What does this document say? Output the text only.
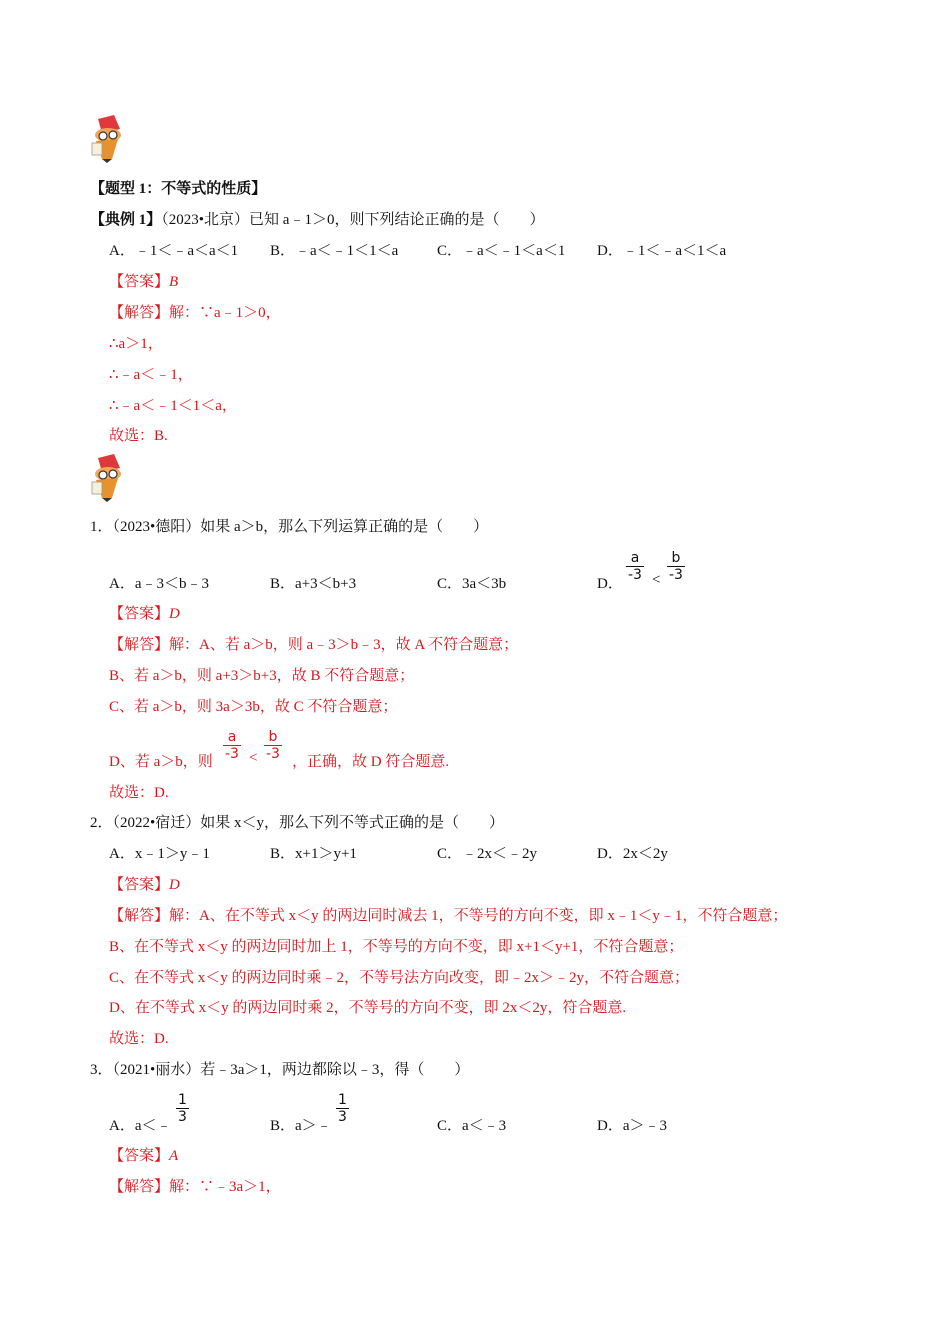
【题型 1：不等式的性质】
【典例 1】（2023•北京）已知 a﹣1＞0，则下列结论正确的是（　　）
A．﹣1＜﹣a＜a＜1 B．﹣a＜﹣1＜1＜a	C．﹣a＜﹣1＜a＜1 D．﹣1＜﹣a＜1＜a
【答案】B
【解答】解：∵a﹣1＞0，
∴a＞1，
∴﹣a＜﹣1，
∴﹣a＜﹣1＜1＜a，
故选：B.
1．（2023•德阳）如果 a＞b，那么下列运算正确的是（　　）
A．a﹣3＜b﹣3	B．a+3＜b+3	C．3a＜3b	D．
$\frac{a}{-3} < \frac{b}{-3}$
【答案】D
【解答】解：A、若 a＞b，则 a﹣3＞b﹣3，故 A 不符合题意；
B、若 a＞b，则 a+3＞b+3，故 B 不符合题意；
C、若 a＞b，则 3a＞3b，故 C 不符合题意；
D、若 a＞b，则 $\frac{a}{-3} < \frac{b}{-3}$ ，正确，故 D 符合题意.
故选：D.
2．（2022•宿迁）如果 x＜y，那么下列不等式正确的是（　　）
A．x﹣1＞y﹣1	B．x+1＞y+1	C．﹣2x＜﹣2y	D．2x＜2y
【答案】D
【解答】解：A、在不等式 x＜y 的两边同时减去 1，不等号的方向不变，即 x﹣1＜y﹣1，不符合题意；
B、在不等式 x＜y 的两边同时加上 1，不等号的方向不变，即 x+1＜y+1，不符合题意；
C、在不等式 x＜y 的两边同时乘﹣2，不等号法方向改变，即﹣2x＞﹣2y，不符合题意；
D、在不等式 x＜y 的两边同时乘 2，不等号的方向不变，即 2x＜2y，符合题意.
故选：D.
3．（2021•丽水）若﹣3a＞1，两边都除以﹣3，得（　　）
A．a＜﹣
$\frac{1}{3}$
B．a＞﹣
$\frac{1}{3}$
C．a＜﹣3	D．a＞﹣3
【答案】A
【解答】解：∵﹣3a＞1，
